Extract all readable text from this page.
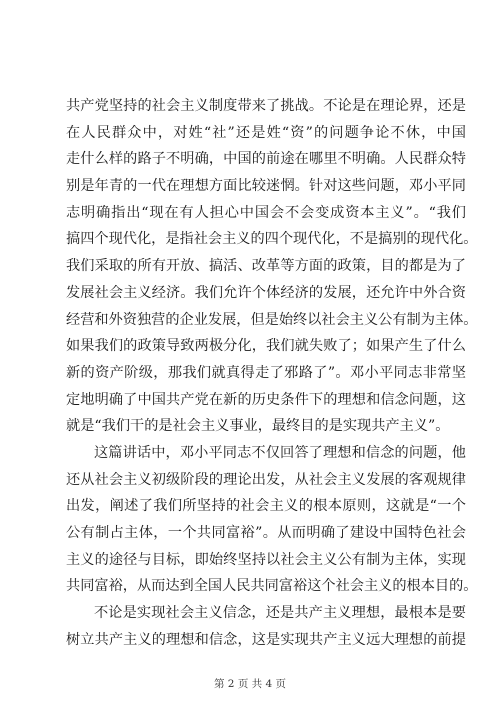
共产党坚持的社会主义制度带来了挑战。不论是在理论界，还是
在人民群众中，对姓“社”还是姓“资”的问题争论不休，中国
走什么样的路子不明确，中国的前途在哪里不明确。人民群众特
别是年青的一代在理想方面比较迷惘。针对这些问题，邓小平同
志明确指出“现在有人担心中国会不会变成资本主义”。“我们
搞四个现代化，是指社会主义的四个现代化，不是搞别的现代化。
我们采取的所有开放、搞活、改革等方面的政策，目的都是为了
发展社会主义经济。我们允许个体经济的发展，还允许中外合资
经营和外资独营的企业发展，但是始终以社会主义公有制为主体。
如果我们的政策导致两极分化，我们就失败了；如果产生了什么
新的资产阶级，那我们就真得走了邪路了”。邓小平同志非常坚
定地明确了中国共产党在新的历史条件下的理想和信念问题，这
就是“我们干的是社会主义事业，最终目的是实现共产主义”。
这篇讲话中，邓小平同志不仅回答了理想和信念的问题，他
还从社会主义初级阶段的理论出发，从社会主义发展的客观规律
出发，阐述了我们所坚持的社会主义的根本原则，这就是“一个
公有制占主体，一个共同富裕”。从而明确了建设中国特色社会
主义的途径与目标，即始终坚持以社会主义公有制为主体，实现
共同富裕，从而达到全国人民共同富裕这个社会主义的根本目的。
不论是实现社会主义信念，还是共产主义理想，最根本是要
树立共产主义的理想和信念，这是实现共产主义远大理想的前提
第 2 页 共 4 页
